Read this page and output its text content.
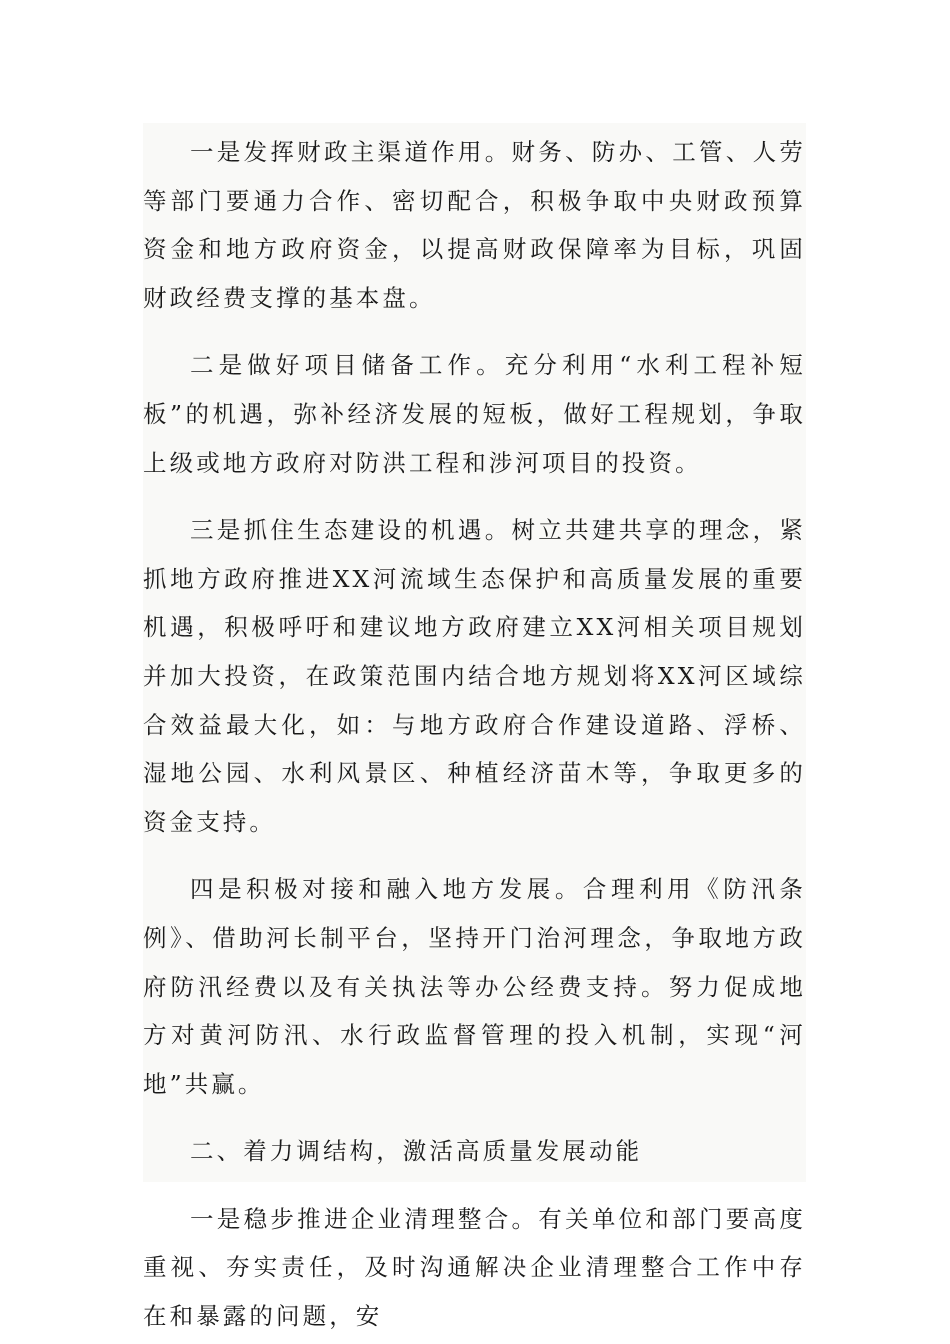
一是发挥财政主渠道作用。财务、防办、工管、人劳等部门要通力合作、密切配合，积极争取中央财政预算资金和地方政府资金，以提高财政保障率为目标，巩固财政经费支撑的基本盘。

二是做好项目储备工作。充分利用“水利工程补短板”的机遇，弥补经济发展的短板，做好工程规划，争取上级或地方政府对防洪工程和涉河项目的投资。

三是抓住生态建设的机遇。树立共建共享的理念，紧抓地方政府推进XX河流域生态保护和高质量发展的重要机遇，积极呼吁和建议地方政府建立XX河相关项目规划并加大投资，在政策范围内结合地方规划将XX河区域综合效益最大化，如：与地方政府合作建设道路、浮桥、湿地公园、水利风景区、种植经济苗木等，争取更多的资金支持。

四是积极对接和融入地方发展。合理利用《防汛条例》、借助河长制平台，坚持开门治河理念，争取地方政府防汛经费以及有关执法等办公经费支持。努力促成地方对黄河防汛、水行政监督管理的投入机制，实现“河地”共赢。

二、着力调结构，激活高质量发展动能

一是稳步推进企业清理整合。有关单位和部门要高度重视、夯实责任，及时沟通解决企业清理整合工作中存在和暴露的问题，安
